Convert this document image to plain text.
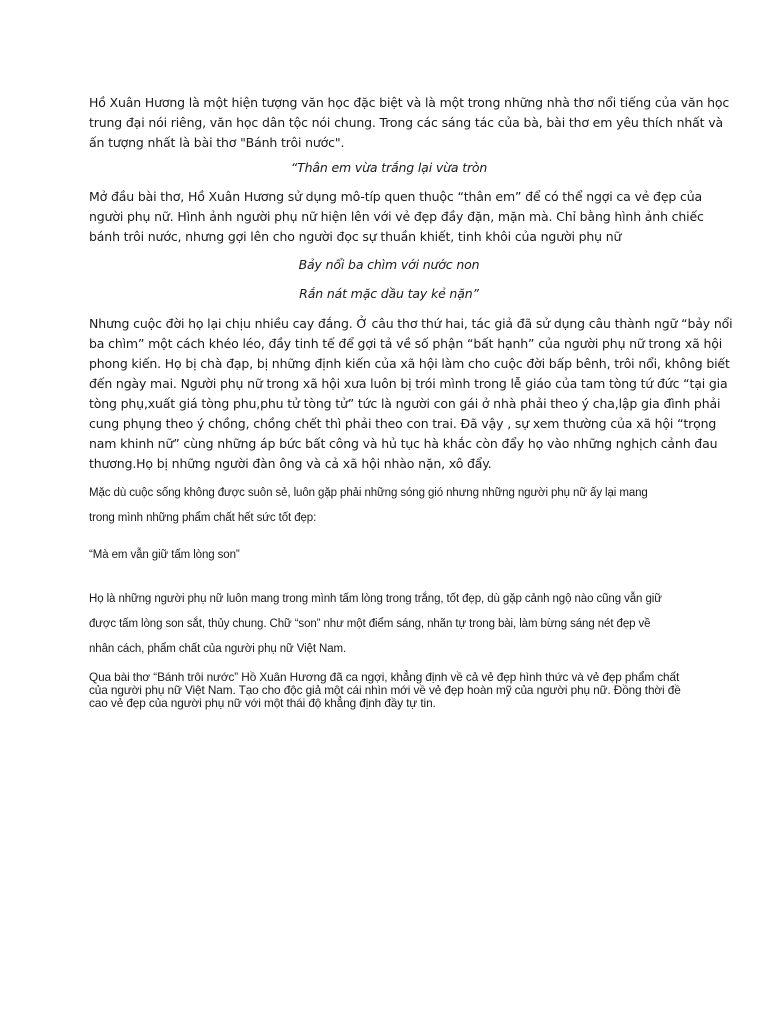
Hồ Xuân Hương là một hiện tượng văn học đặc biệt và là một trong những nhà thơ nổi tiếng của văn học
trung đại nói riêng, văn học dân tộc nói chung. Trong các sáng tác của bà, bài thơ em yêu thích nhất và
ấn tượng nhất là bài thơ "Bánh trôi nước".
“Thân em vừa trắng lại vừa tròn
Mở đầu bài thơ, Hồ Xuân Hương sử dụng mô-típ quen thuộc “thân em” để có thể ngợi ca vẻ đẹp của
người phụ nữ. Hình ảnh người phụ nữ hiện lên với vẻ đẹp đầy đặn, mặn mà. Chỉ bằng hình ảnh chiếc
bánh trôi nước, nhưng gợi lên cho người đọc sự thuần khiết, tinh khôi của người phụ nữ
Bảy nổi ba chìm với nước non
Rắn nát mặc dầu tay kẻ nặn”
Nhưng cuộc đời họ lại chịu nhiều cay đắng. Ở câu thơ thứ hai, tác giả đã sử dụng câu thành ngữ “bảy nổi
ba chìm” một cách khéo léo, đầy tinh tế để gợi tả về số phận “bất hạnh” của người phụ nữ trong xã hội
phong kiến. Họ bị chà đạp, bị những định kiến của xã hội làm cho cuộc đời bấp bênh, trôi nổi, không biết
đến ngày mai. Người phụ nữ trong xã hội xưa luôn bị trói mình trong lễ giáo của tam tòng tứ đức “tại gia
tòng phụ,xuất giá tòng phu,phu tử tòng tử” tức là người con gái ở nhà phải theo ý cha,lập gia đình phải
cung phụng theo ý chồng, chồng chết thì phải theo con trai. Đã vậy , sự xem thường của xã hội “trọng
nam khinh nữ” cùng những áp bức bất công và hủ tục hà khắc còn đẩy họ vào những nghịch cảnh đau
thương.Họ bị những người đàn ông và cả xã hội nhào nặn, xô đẩy.
Mặc dù cuộc sống không được suôn sẻ, luôn gặp phải những sóng gió nhưng những người phụ nữ ấy lại mang
trong mình những phẩm chất hết sức tốt đẹp:
“Mà em vẫn giữ tấm lòng son”
Họ là những người phụ nữ luôn mang trong mình tấm lòng trong trắng, tốt đẹp, dù gặp cảnh ngộ nào cũng vẫn giữ
được tấm lòng son sắt, thủy chung. Chữ “son” như một điểm sáng, nhãn tự trong bài, làm bừng sáng nét đẹp về
nhân cách, phẩm chất của người phụ nữ Việt Nam.
Qua bài thơ “Bánh trôi nước” Hồ Xuân Hương đã ca ngợi, khẳng định về cả vẻ đẹp hình thức và vẻ đẹp phẩm chất
của người phụ nữ Việt Nam. Tạo cho độc giả một cái nhìn mới về vẻ đẹp hoàn mỹ của người phụ nữ. Đồng thời đề
cao vẻ đẹp của người phụ nữ với một thái độ khẳng định đầy tự tin.
